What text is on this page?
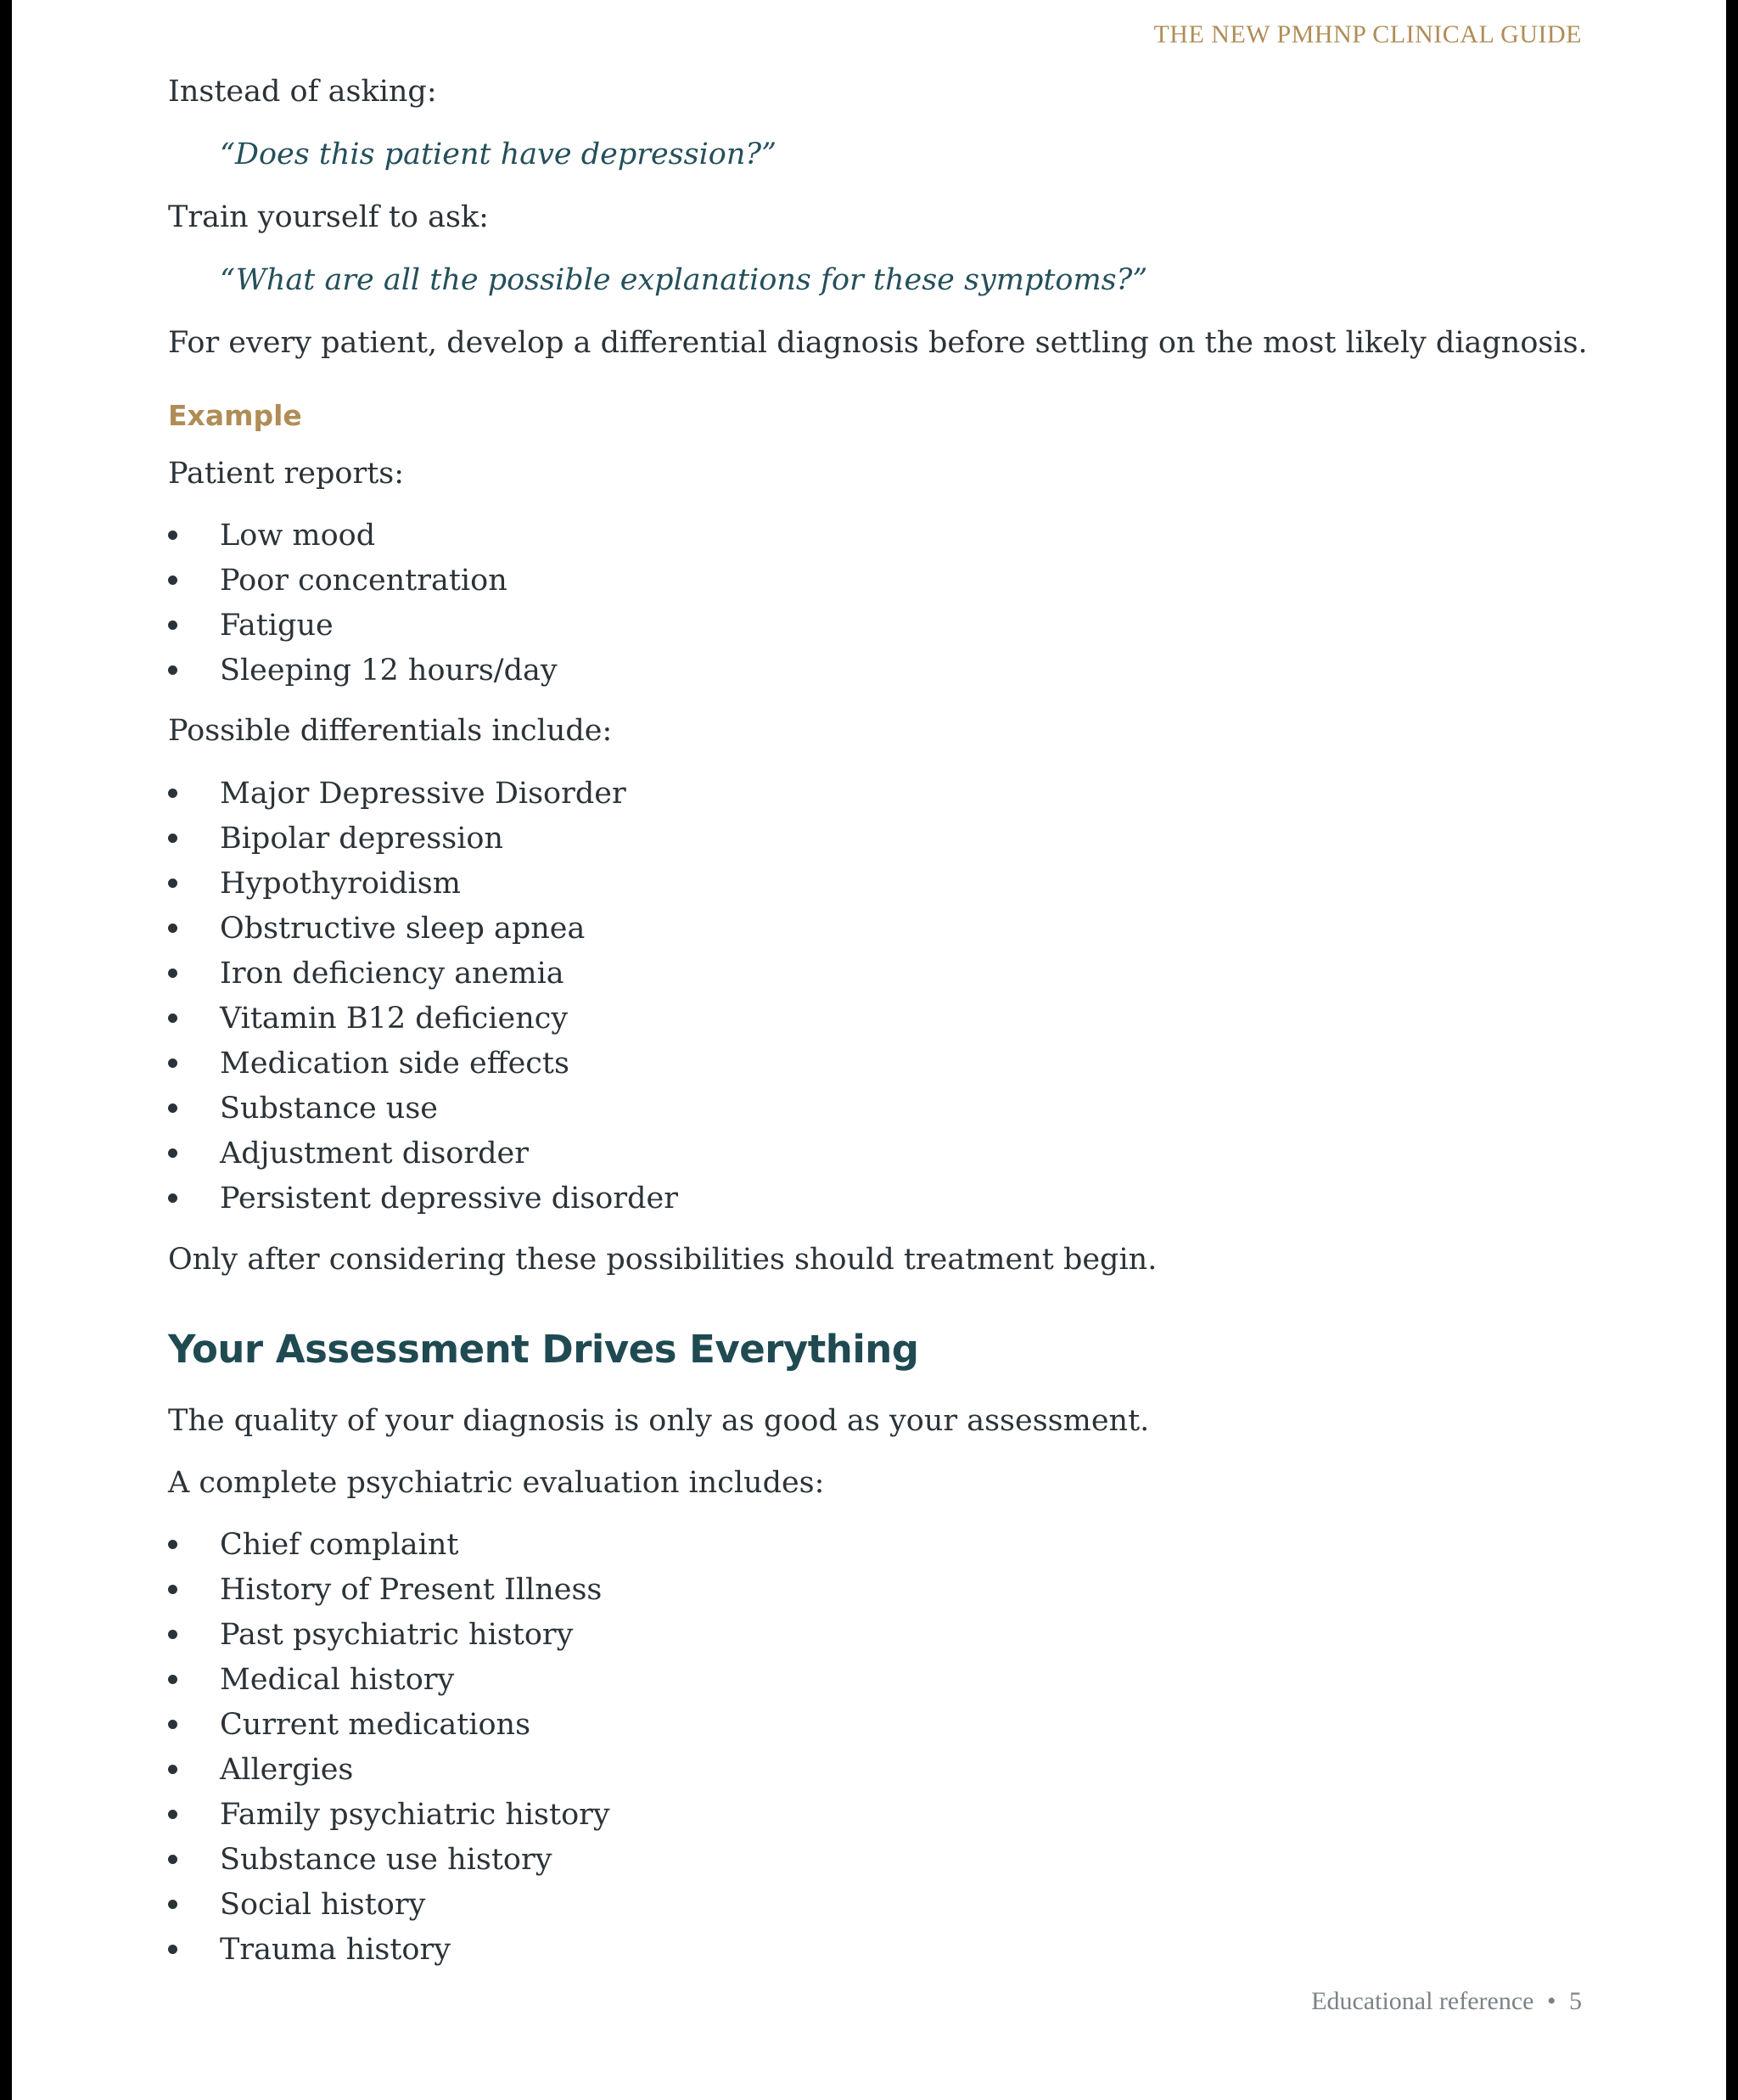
THE NEW PMHNP CLINICAL GUIDE
Instead of asking:
“Does this patient have depression?”
Train yourself to ask:
“What are all the possible explanations for these symptoms?”
For every patient, develop a differential diagnosis before settling on the most likely diagnosis.
Example
Patient reports:
Low mood
Poor concentration
Fatigue
Sleeping 12 hours/day
Possible differentials include:
Major Depressive Disorder
Bipolar depression
Hypothyroidism
Obstructive sleep apnea
Iron deficiency anemia
Vitamin B12 deficiency
Medication side effects
Substance use
Adjustment disorder
Persistent depressive disorder
Only after considering these possibilities should treatment begin.
Your Assessment Drives Everything
The quality of your diagnosis is only as good as your assessment.
A complete psychiatric evaluation includes:
Chief complaint
History of Present Illness
Past psychiatric history
Medical history
Current medications
Allergies
Family psychiatric history
Substance use history
Social history
Trauma history
Educational reference • 5
